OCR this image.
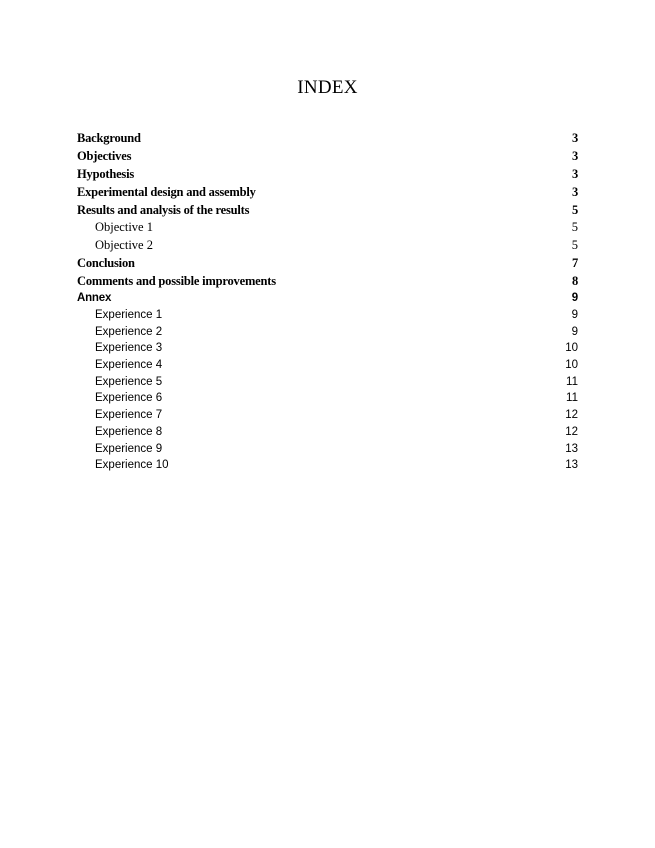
INDEX
Background	3
Objectives	3
Hypothesis	3
Experimental design and assembly	3
Results and analysis of the results	5
Objective 1	5
Objective 2	5
Conclusion	7
Comments and possible improvements	8
Annex	9
Experience 1	9
Experience 2	9
Experience 3	10
Experience 4	10
Experience 5	11
Experience 6	11
Experience 7	12
Experience 8	12
Experience 9	13
Experience 10	13
